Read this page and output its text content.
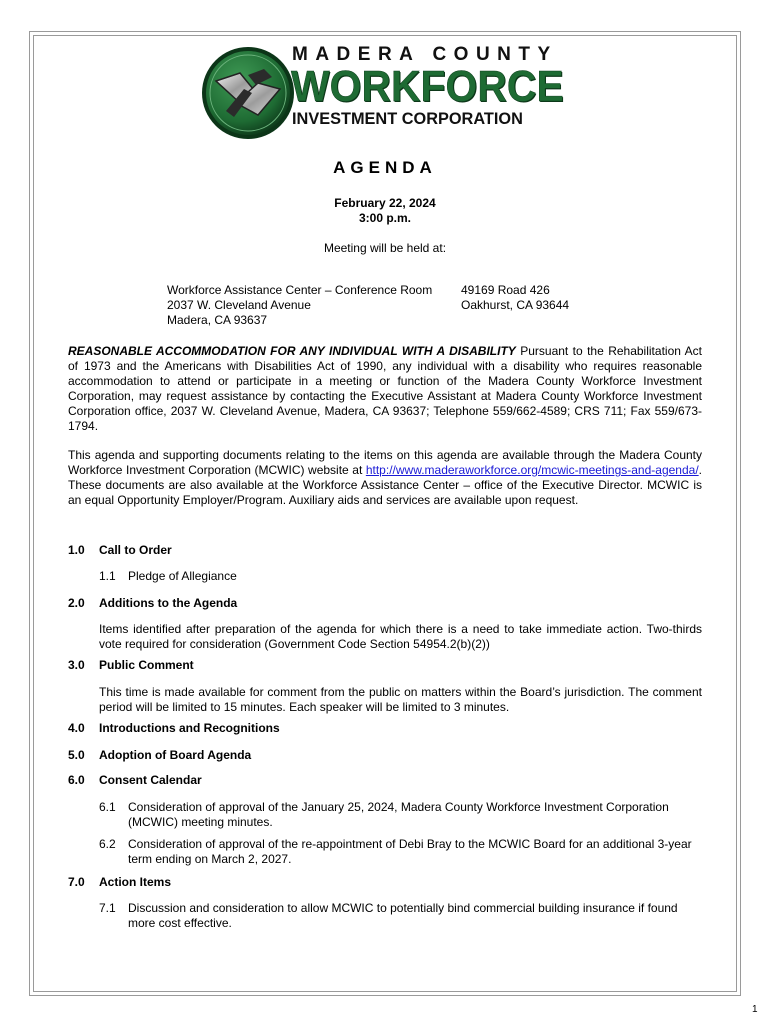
MADERA COUNTY
WORKFORCE
INVESTMENT CORPORATION
AGENDA
February 22, 2024
3:00 p.m.
Meeting will be held at:
Workforce Assistance Center – Conference Room
2037 W. Cleveland Avenue
Madera, CA 93637
49169 Road 426
Oakhurst, CA 93644
REASONABLE ACCOMMODATION FOR ANY INDIVIDUAL WITH A DISABILITY Pursuant to the Rehabilitation Act of 1973 and the Americans with Disabilities Act of 1990, any individual with a disability who requires reasonable accommodation to attend or participate in a meeting or function of the Madera County Workforce Investment Corporation, may request assistance by contacting the Executive Assistant at Madera County Workforce Investment Corporation office, 2037 W. Cleveland Avenue, Madera, CA 93637; Telephone 559/662-4589; CRS 711; Fax 559/673-1794.
This agenda and supporting documents relating to the items on this agenda are available through the Madera County Workforce Investment Corporation (MCWIC) website at http://www.maderaworkforce.org/mcwic-meetings-and-agenda/. These documents are also available at the Workforce Assistance Center – office of the Executive Director. MCWIC is an equal Opportunity Employer/Program. Auxiliary aids and services are available upon request.
1.0 Call to Order
1.1 Pledge of Allegiance
2.0 Additions to the Agenda
Items identified after preparation of the agenda for which there is a need to take immediate action. Two-thirds vote required for consideration (Government Code Section 54954.2(b)(2))
3.0 Public Comment
This time is made available for comment from the public on matters within the Board’s jurisdiction. The comment period will be limited to 15 minutes. Each speaker will be limited to 3 minutes.
4.0 Introductions and Recognitions
5.0 Adoption of Board Agenda
6.0 Consent Calendar
6.1 Consideration of approval of the January 25, 2024, Madera County Workforce Investment Corporation (MCWIC) meeting minutes.
6.2 Consideration of approval of the re-appointment of Debi Bray to the MCWIC Board for an additional 3-year term ending on March 2, 2027.
7.0 Action Items
7.1 Discussion and consideration to allow MCWIC to potentially bind commercial building insurance if found more cost effective.
1
